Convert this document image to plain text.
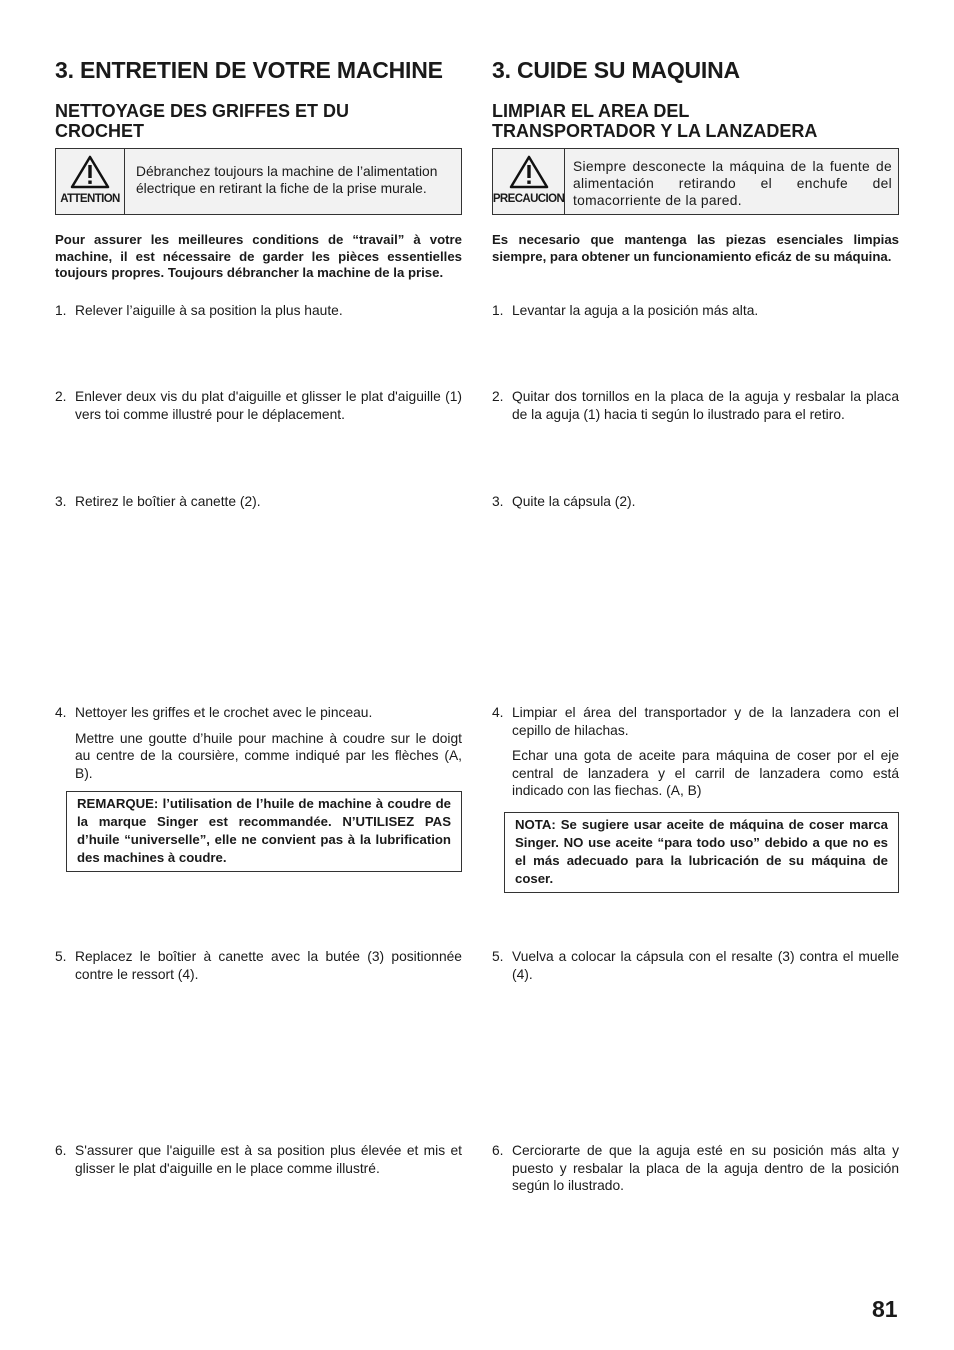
3. ENTRETIEN DE VOTRE MACHINE
NETTOYAGE DES GRIFFES ET DU
CROCHET
ATTENTION
Débranchez toujours la machine de l’alimentation électrique en retirant la fiche de la prise murale.
Pour assurer les meilleures conditions de “travail” à votre machine, il est nécessaire de garder les pièces essentielles toujours propres. Toujours débrancher la machine de la prise.
1. Relever l’aiguille à sa position la plus haute.
2. Enlever deux vis du plat d'aiguille et glisser le plat d'aiguille (1) vers toi comme illustré pour le déplacement.
3. Retirez le boîtier à canette (2).
4. Nettoyer les griffes et le crochet avec le pinceau.

Mettre une goutte d’huile pour machine à coudre sur le doigt au centre de la coursière, comme indiqué par les flèches (A, B).

REMARQUE: l’utilisation de l’huile de machine à coudre de la marque Singer est recommandée. N’UTILISEZ PAS d’huile “universelle”, elle ne convient pas à la lubrification des machines à coudre.
5. Replacez le boîtier à canette avec la butée (3) positionnée contre le ressort (4).
6. S'assurer que l'aiguille est à sa position plus élevée et mis et glisser le plat d'aiguille en le place comme illustré.
3. CUIDE SU MAQUINA
LIMPIAR EL AREA DEL
TRANSPORTADOR Y LA LANZADERA
PRECAUCION
Siempre desconecte la máquina de la fuente de alimentación retirando el enchufe del tomacorriente de la pared.
Es necesario que mantenga las piezas esenciales limpias siempre, para obtener un funcionamiento eficáz de su máquina.
1. Levantar la aguja a la posición más alta.
2. Quitar dos tornillos en la placa de la aguja y resbalar la placa de la aguja (1) hacia ti según lo ilustrado para el retiro.
3. Quite la cápsula (2).
4. Limpiar el área del transportador y de la lanzadera con el cepillo de hilachas.

Echar una gota de aceite para máquina de coser por el eje central de lanzadera y el carril de lanzadera como está indicado con las fiechas. (A, B)

NOTA: Se sugiere usar aceite de máquina de coser marca Singer. NO use aceite “para todo uso” debido a que no es el más adecuado para la lubricación de su máquina de coser.
5. Vuelva a colocar la cápsula con el resalte (3) contra el muelle (4).
6. Cerciorarte de que la aguja esté en su posición más alta y puesto y resbalar la placa de la aguja dentro de la posición según lo ilustrado.
81
